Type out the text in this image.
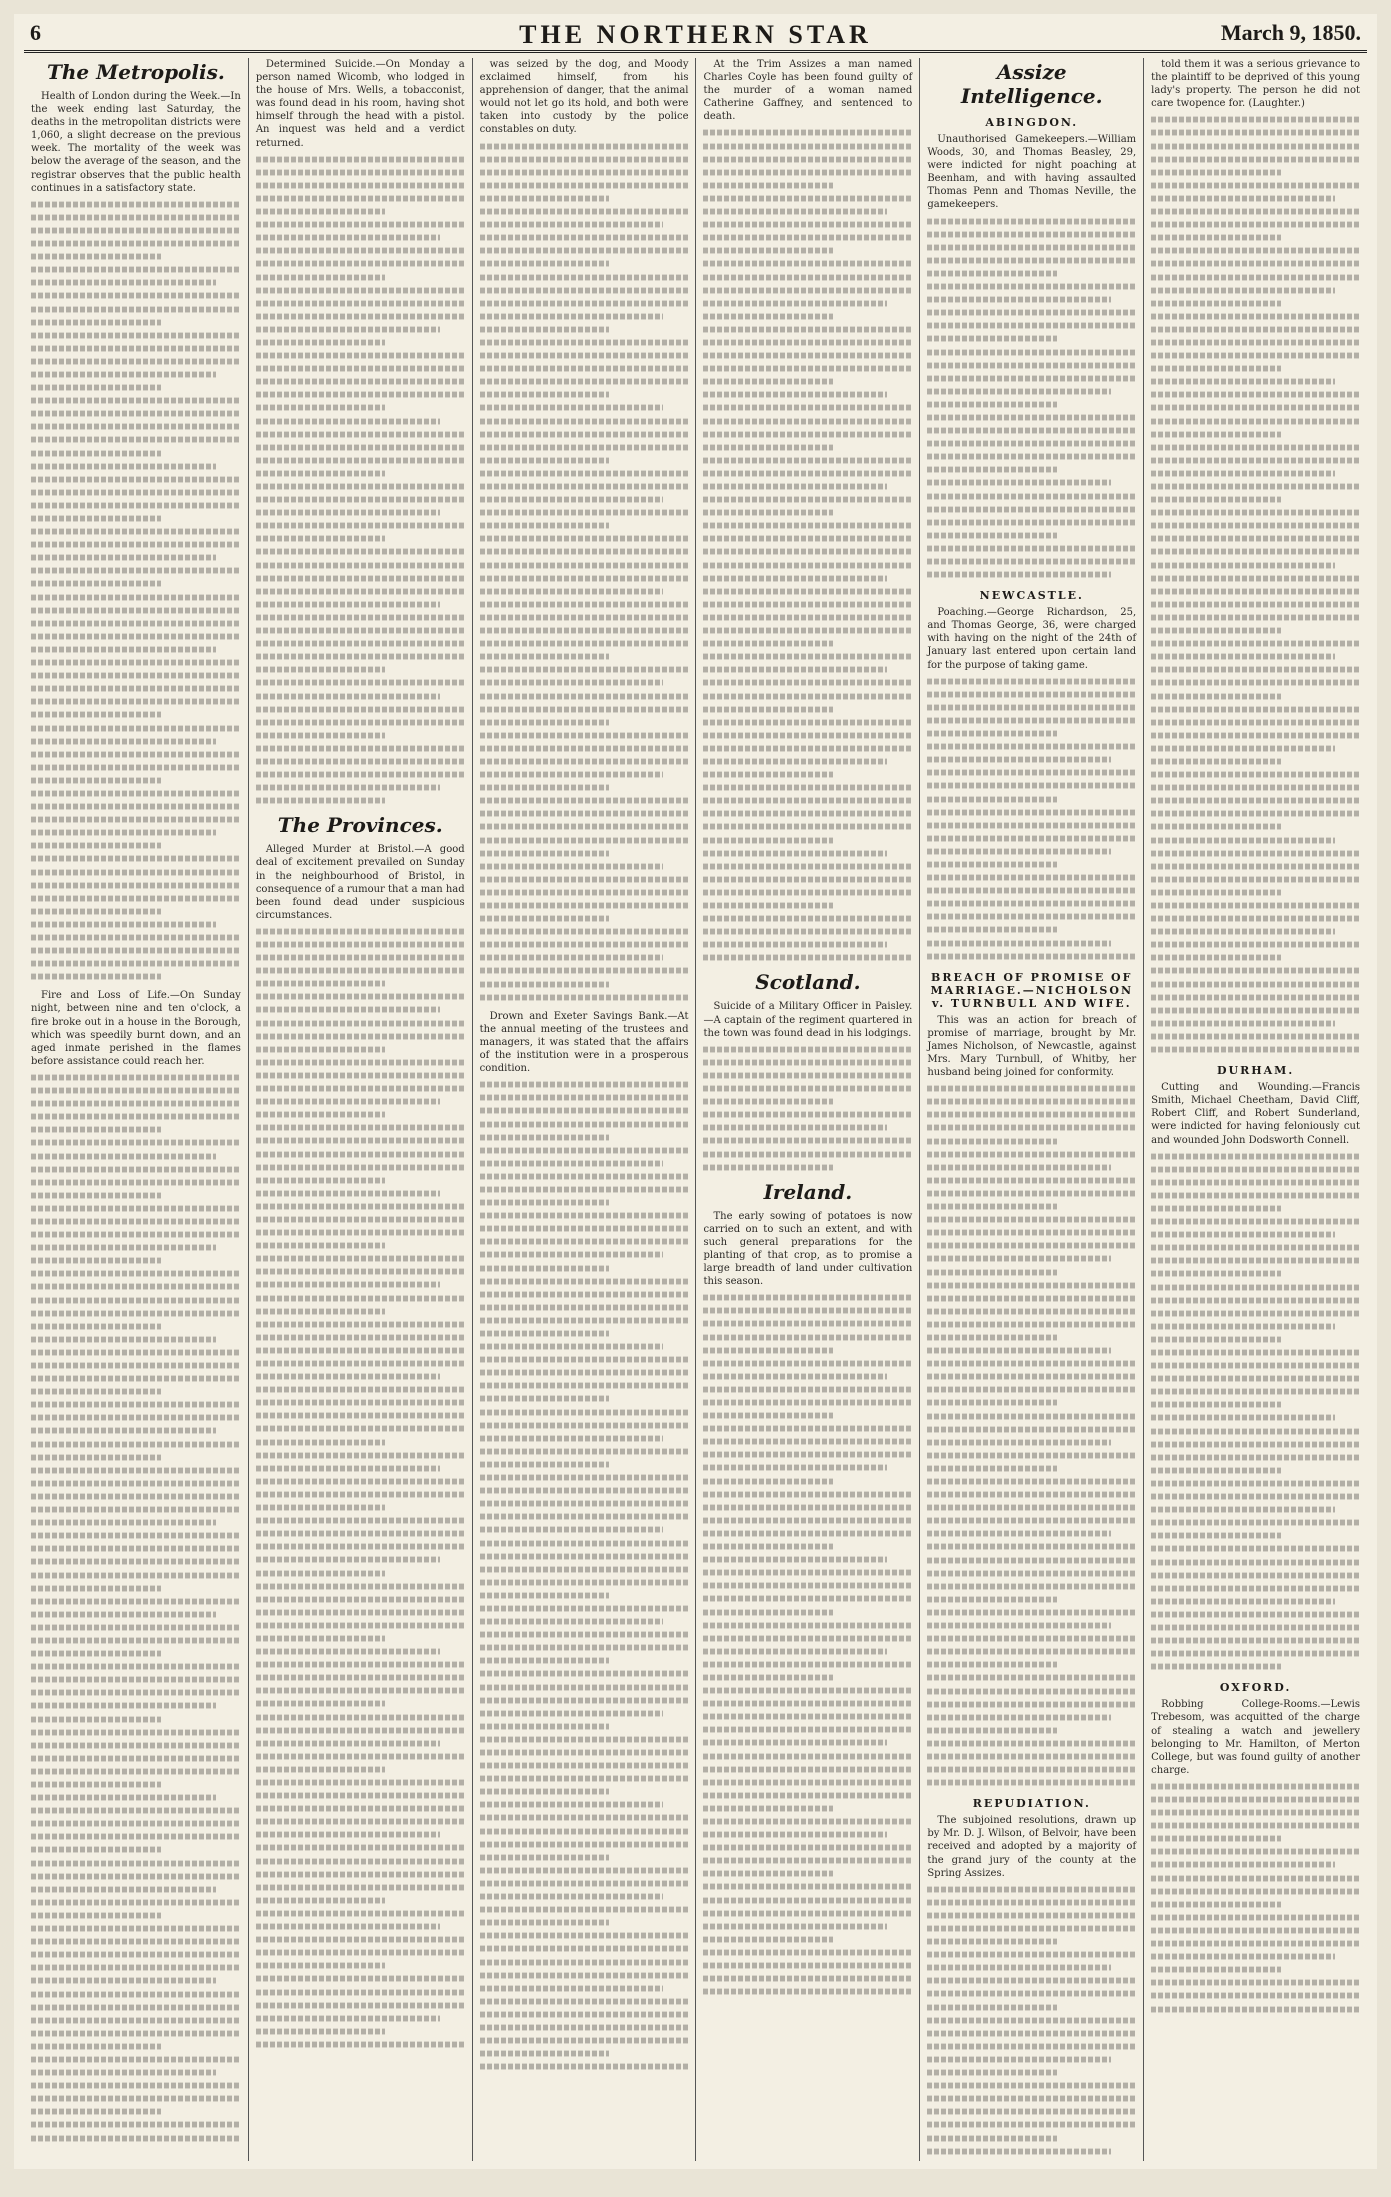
6	THE NORTHERN STAR	March 9, 1850.
The Metropolis.

Health of London during the Week.—In the week ending last Saturday, the deaths in the metropolitan districts were 1,060, a slight decrease on the previous week. The mortality of the week was below the average of the season, and the registrar observes that the public health continues in a satisfactory state.

Fire and Loss of Life.—On Sunday night, between nine and ten o'clock, a fire broke out in a house in the Borough, which was speedily burnt down, and an aged inmate perished in the flames before assistance could reach her.

Determined Suicide.—On Monday a person named Wicomb, who lodged in the house of Mrs. Wells, a tobacconist, was found dead in his room, having shot himself through the head with a pistol. An inquest was held and a verdict returned.

The Provinces.

Alleged Murder at Bristol.—A good deal of excitement prevailed on Sunday in the neighbourhood of Bristol, in consequence of a rumour that a man had been found dead under suspicious circumstances.

was seized by the dog, and Moody exclaimed himself, from his apprehension of danger, that the animal would not let go its hold, and both were taken into custody by the police constables on duty.

Drown and Exeter Savings Bank.—At the annual meeting of the trustees and managers, it was stated that the affairs of the institution were in a prosperous condition.

At the Trim Assizes a man named Charles Coyle has been found guilty of the murder of a woman named Catherine Gaffney, and sentenced to death.

Scotland.

Suicide of a Military Officer in Paisley.—A captain of the regiment quartered in the town was found dead in his lodgings.

Ireland.

The early sowing of potatoes is now carried on to such an extent, and with such general preparations for the planting of that crop, as to promise a large breadth of land under cultivation this season.

Assize Intelligence.
ABINGDON.

Unauthorised Gamekeepers.—William Woods, 30, and Thomas Beasley, 29, were indicted for night poaching at Beenham, and with having assaulted Thomas Penn and Thomas Neville, the gamekeepers.

NEWCASTLE.

Poaching.—George Richardson, 25, and Thomas George, 36, were charged with having on the night of the 24th of January last entered upon certain land for the purpose of taking game.

BREACH OF PROMISE OF MARRIAGE.—NICHOLSON v. TURNBULL AND WIFE.

This was an action for breach of promise of marriage, brought by Mr. James Nicholson, of Newcastle, against Mrs. Mary Turnbull, of Whitby, her husband being joined for conformity.

REPUDIATION.

The subjoined resolutions, drawn up by Mr. D. J. Wilson, of Belvoir, have been received and adopted by a majority of the grand jury of the county at the Spring Assizes.

told them it was a serious grievance to the plaintiff to be deprived of this young lady's property. The person he did not care twopence for. (Laughter.)

DURHAM.

Cutting and Wounding.—Francis Smith, Michael Cheetham, David Cliff, Robert Cliff, and Robert Sunderland, were indicted for having feloniously cut and wounded John Dodsworth Connell.

OXFORD.

Robbing College-Rooms.—Lewis Trebesom, was acquitted of the charge of stealing a watch and jewellery belonging to Mr. Hamilton, of Merton College, but was found guilty of another charge.
